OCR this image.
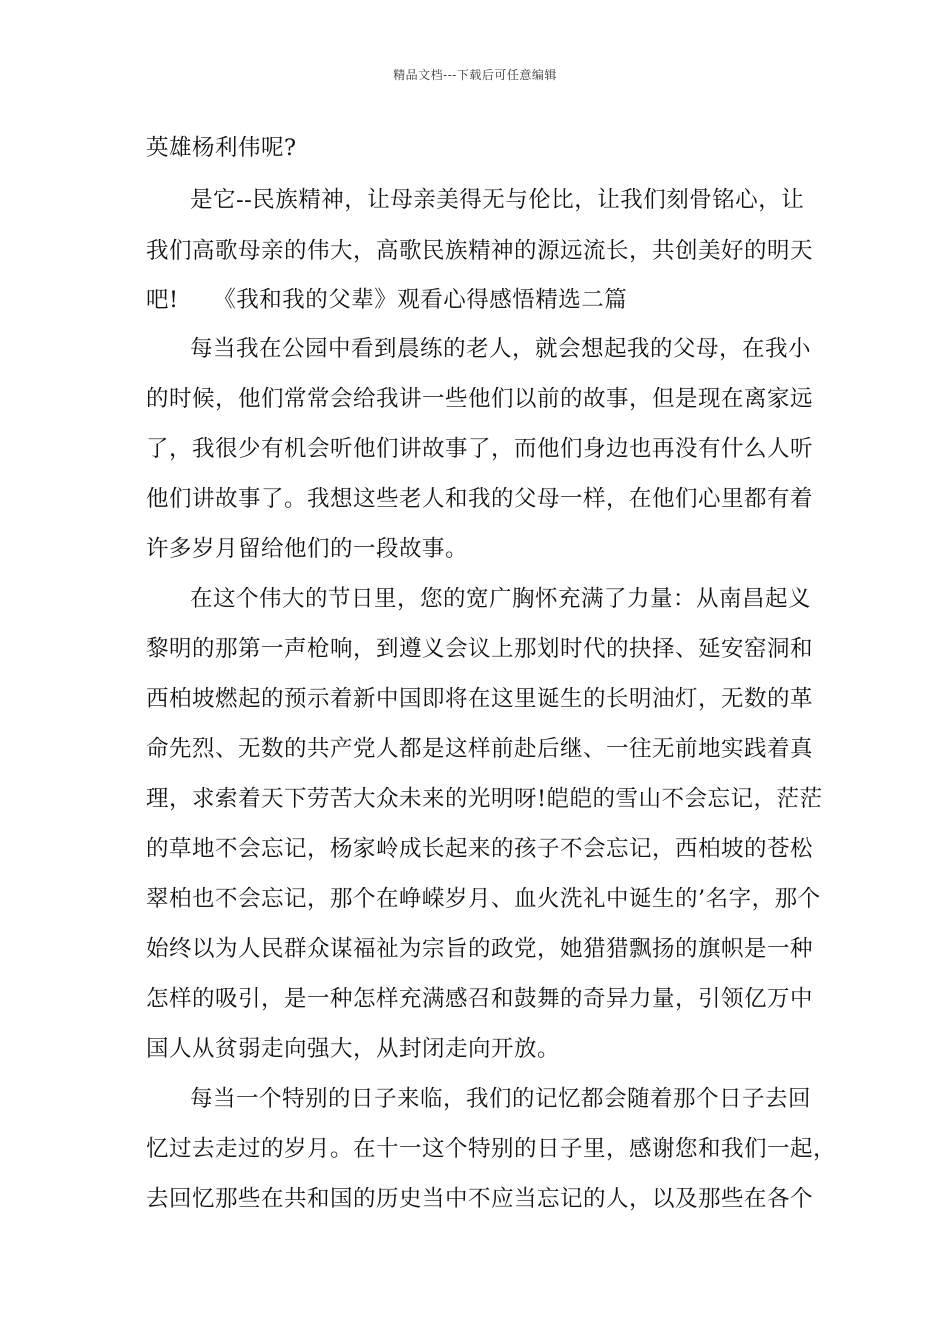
精品文档---下载后可任意编辑
英雄杨利伟呢?
是它--民族精神，让母亲美得无与伦比，让我们刻骨铭心，让
我们高歌母亲的伟大，高歌民族精神的源远流长，共创美好的明天
吧!　　《我和我的父辈》观看心得感悟精选二篇
每当我在公园中看到晨练的老人，就会想起我的父母，在我小
的时候，他们常常会给我讲一些他们以前的故事，但是现在离家远
了，我很少有机会听他们讲故事了，而他们身边也再没有什么人听
他们讲故事了。我想这些老人和我的父母一样，在他们心里都有着
许多岁月留给他们的一段故事。
在这个伟大的节日里，您的宽广胸怀充满了力量：从南昌起义
黎明的那第一声枪响，到遵义会议上那划时代的抉择、延安窑洞和
西柏坡燃起的预示着新中国即将在这里诞生的长明油灯，无数的革
命先烈、无数的共产党人都是这样前赴后继、一往无前地实践着真
理，求索着天下劳苦大众未来的光明呀!皑皑的雪山不会忘记，茫茫
的草地不会忘记，杨家岭成长起来的孩子不会忘记，西柏坡的苍松
翠柏也不会忘记，那个在峥嵘岁月、血火洗礼中诞生的’名字，那个
始终以为人民群众谋福祉为宗旨的政党，她猎猎飘扬的旗帜是一种
怎样的吸引，是一种怎样充满感召和鼓舞的奇异力量，引领亿万中
国人从贫弱走向强大，从封闭走向开放。
每当一个特别的日子来临，我们的记忆都会随着那个日子去回
忆过去走过的岁月。在十一这个特别的日子里，感谢您和我们一起，
去回忆那些在共和国的历史当中不应当忘记的人，以及那些在各个
